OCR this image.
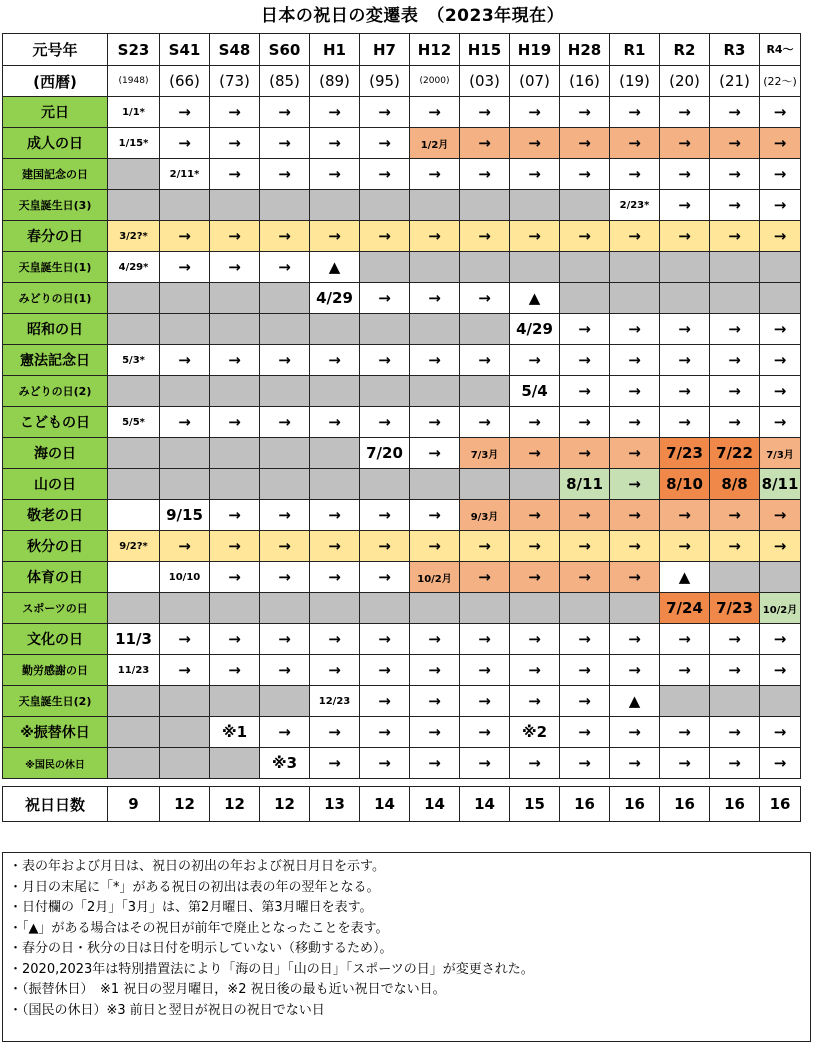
日本の祝日の変遷表　（2023年現在）
元号年	S23	S41	S48	S60	H1	H7	H12	H15	H19	H28	R1	R2	R3	R4～
(西暦)	(1948)	(66)	(73)	(85)	(89)	(95)	(2000)	(03)	(07)	(16)	(19)	(20)	(21)	(22～)
元日	1/1*	→	→	→	→	→	→	→	→	→	→	→	→	→
成人の日	1/15*	→	→	→	→	→	1/2月	→	→	→	→	→	→	→
建国記念の日		2/11*	→	→	→	→	→	→	→	→	→	→	→	→
天皇誕生日(3)											2/23*	→	→	→
春分の日	3/2?*	→	→	→	→	→	→	→	→	→	→	→	→	→
天皇誕生日(1)	4/29*	→	→	→	▲									
みどりの日(1)					4/29	→	→	→	▲					
昭和の日									4/29	→	→	→	→	→
憲法記念日	5/3*	→	→	→	→	→	→	→	→	→	→	→	→	→
みどりの日(2)									5/4	→	→	→	→	→
こどもの日	5/5*	→	→	→	→	→	→	→	→	→	→	→	→	→
海の日						7/20	→	7/3月	→	→	→	7/23	7/22	7/3月
山の日										8/11	→	8/10	8/8	8/11
敬老の日		9/15	→	→	→	→	→	9/3月	→	→	→	→	→	→
秋分の日	9/2?*	→	→	→	→	→	→	→	→	→	→	→	→	→
体育の日		10/10	→	→	→	→	10/2月	→	→	→	→	▲		
スポーツの日												7/24	7/23	10/2月
文化の日	11/3	→	→	→	→	→	→	→	→	→	→	→	→	→
勤労感謝の日	11/23	→	→	→	→	→	→	→	→	→	→	→	→	→
天皇誕生日(2)					12/23	→	→	→	→	→	▲			
※振替休日			※1	→	→	→	→	→	※2	→	→	→	→	→
※国民の休日				※3	→	→	→	→	→	→	→	→	→	→

祝日日数	9	12	12	12	13	14	14	14	15	16	16	16	16	16
・表の年および月日は、祝日の初出の年および祝日月日を示す。
・月日の末尾に「*」がある祝日の初出は表の年の翌年となる。
・日付欄の「2月」「3月」は、第2月曜日、第3月曜日を表す。
・「▲」がある場合はその祝日が前年で廃止となったことを表す。
・春分の日・秋分の日は日付を明示していない（移動するため）。
・2020,2023年は特別措置法により「海の日」「山の日」「スポーツの日」が変更された。
・（振替休日）　※1 祝日の翌月曜日，※2 祝日後の最も近い祝日でない日。
・（国民の休日）※3 前日と翌日が祝日の祝日でない日
